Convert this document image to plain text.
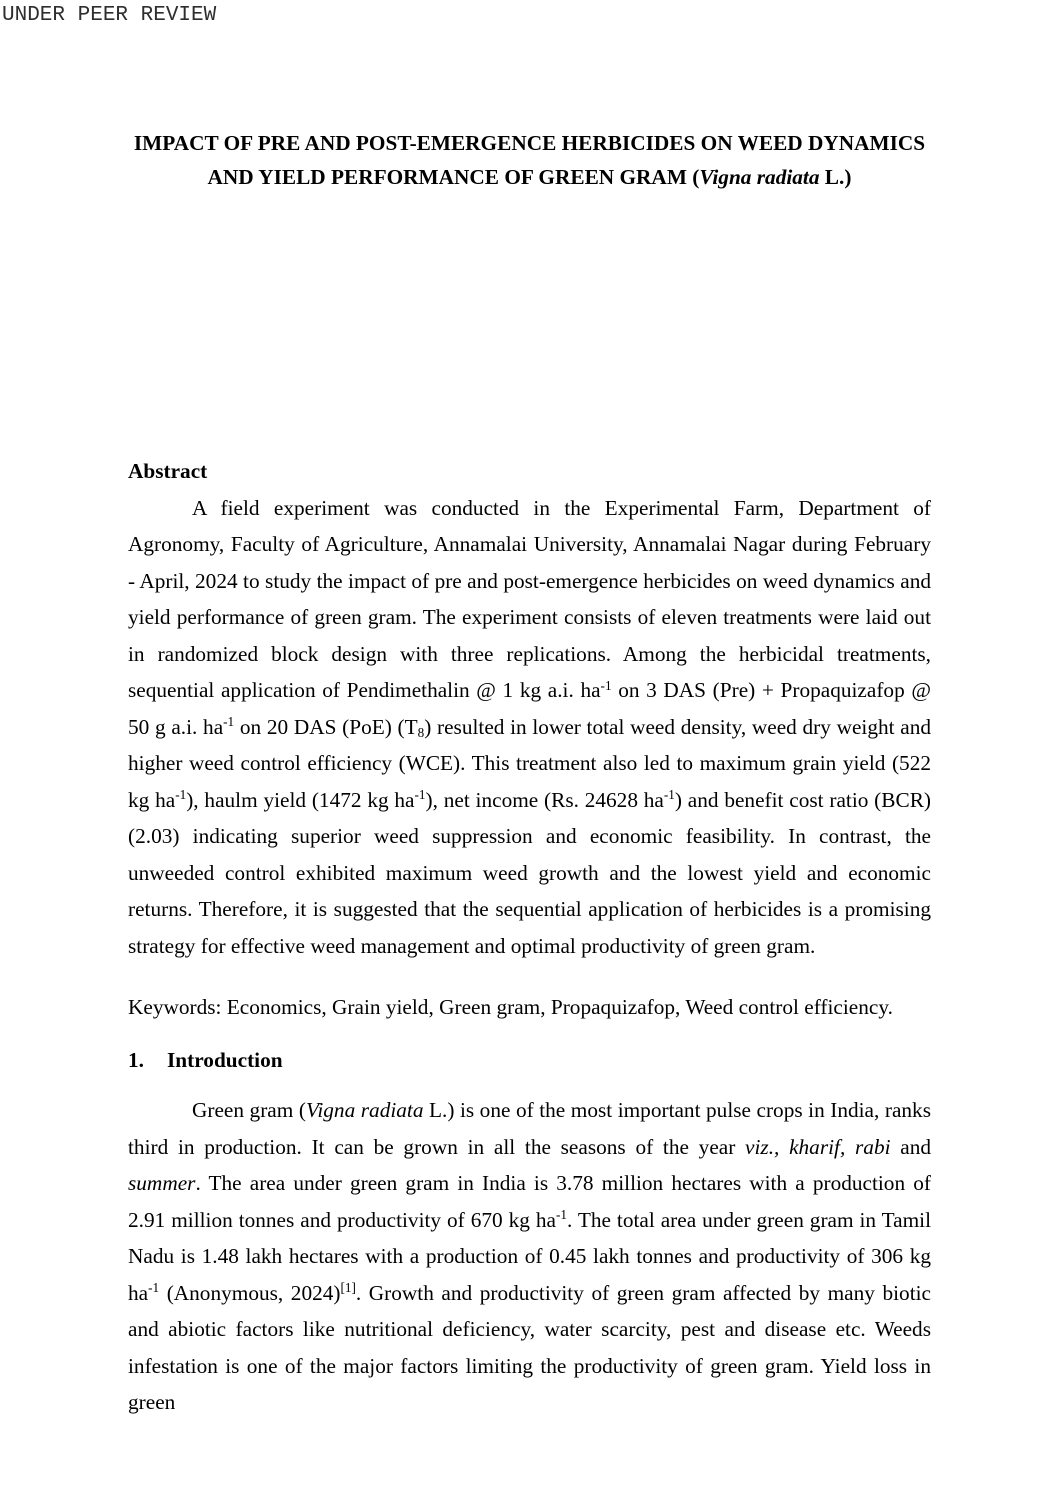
UNDER PEER REVIEW
IMPACT OF PRE AND POST-EMERGENCE HERBICIDES ON WEED DYNAMICS
AND YIELD PERFORMANCE OF GREEN GRAM (Vigna radiata L.)
Abstract

A field experiment was conducted in the Experimental Farm, Department of Agronomy, Faculty of Agriculture, Annamalai University, Annamalai Nagar during February - April, 2024 to study the impact of pre and post-emergence herbicides on weed dynamics and yield performance of green gram. The experiment consists of eleven treatments were laid out in randomized block design with three replications. Among the herbicidal treatments, sequential application of Pendimethalin @ 1 kg a.i. $ha^{-1}$ on 3 DAS (Pre) + Propaquizafop @ 50 g a.i. $ha^{-1}$ on 20 DAS (PoE) $(T_8)$ resulted in lower total weed density, weed dry weight and higher weed control efficiency (WCE). This treatment also led to maximum grain yield (522 kg $ha^{-1}$), haulm yield (1472 kg $ha^{-1}$), net income (Rs. 24628 $ha^{-1}$) and benefit cost ratio (BCR) (2.03) indicating superior weed suppression and economic feasibility. In contrast, the unweeded control exhibited maximum weed growth and the lowest yield and economic returns. Therefore, it is suggested that the sequential application of herbicides is a promising strategy for effective weed management and optimal productivity of green gram.

Keywords: Economics, Grain yield, Green gram, Propaquizafop, Weed control efficiency.

1. Introduction

Green gram (Vigna radiata L.) is one of the most important pulse crops in India, ranks third in production. It can be grown in all the seasons of the year viz., kharif, rabi and summer. The area under green gram in India is 3.78 million hectares with a production of 2.91 million tonnes and productivity of 670 kg $ha^{-1}$. The total area under green gram in Tamil Nadu is 1.48 lakh hectares with a production of 0.45 lakh tonnes and productivity of 306 kg $ha^{-1}$ (Anonymous, 2024)[1]. Growth and productivity of green gram affected by many biotic and abiotic factors like nutritional deficiency, water scarcity, pest and disease etc. Weeds infestation is one of the major factors limiting the productivity of green gram. Yield loss in green
